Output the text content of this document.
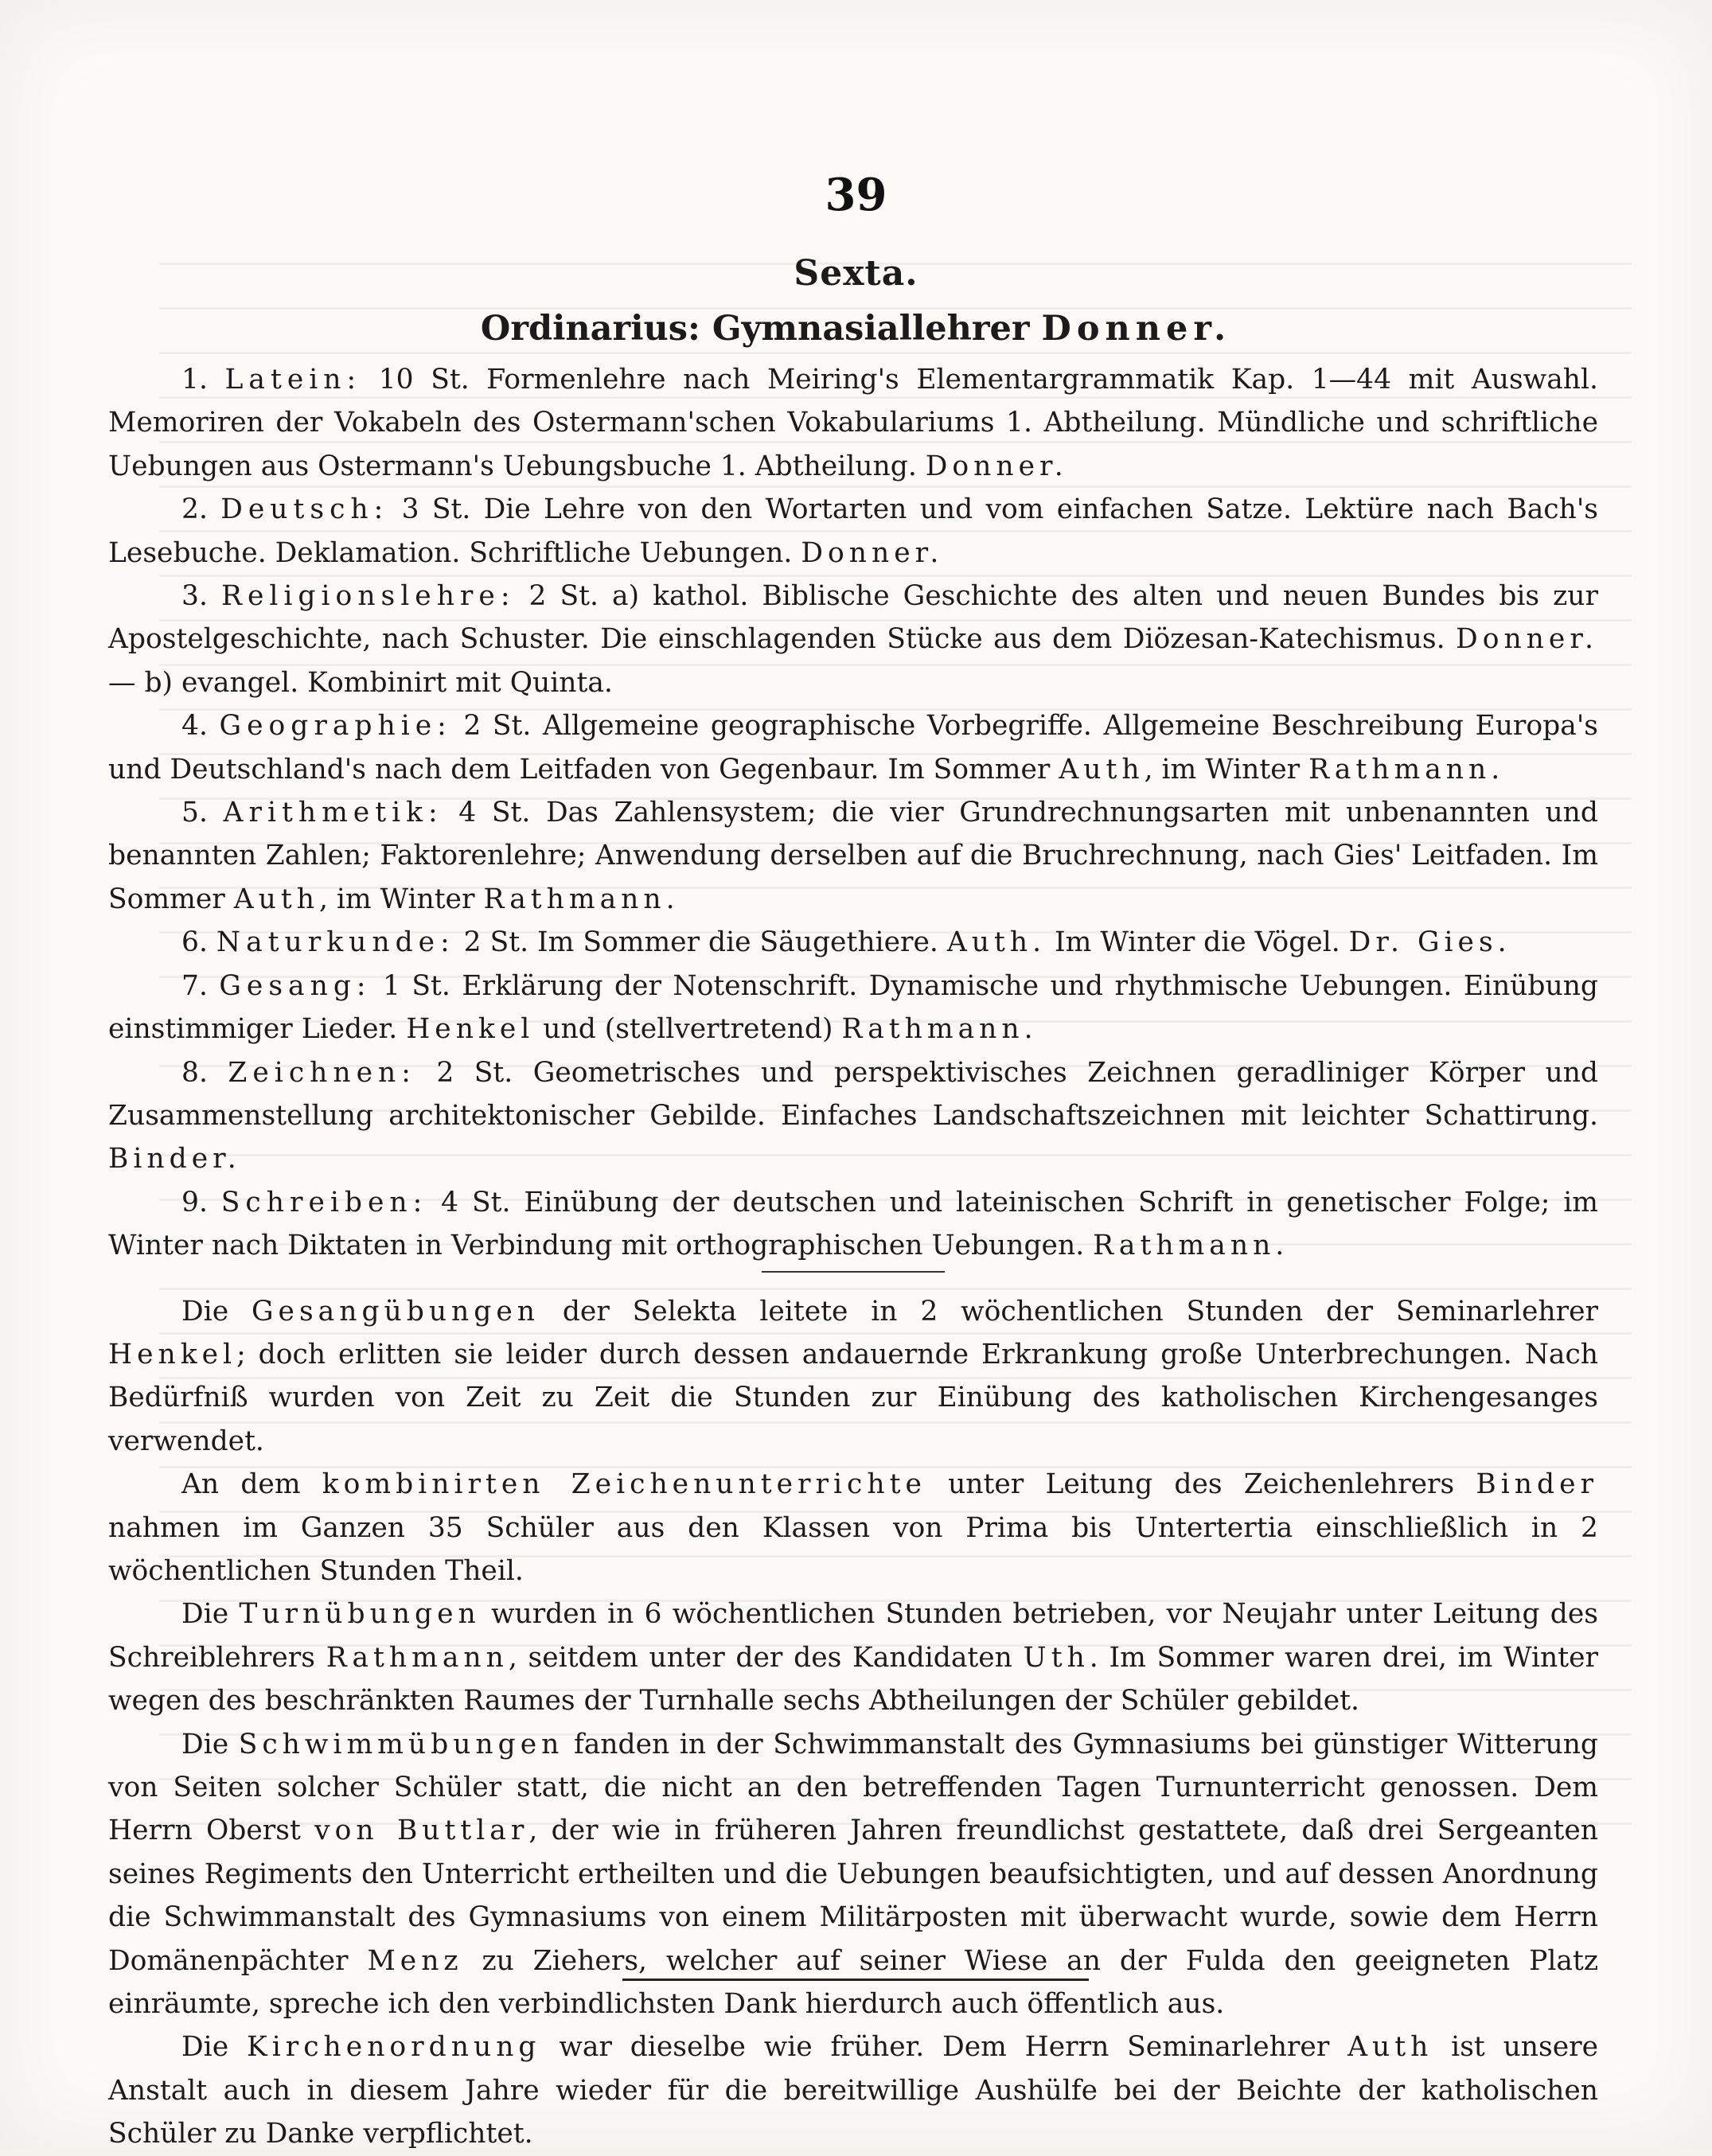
39
Sexta.
Ordinarius: Gymnasiallehrer Donner.

1. Latein: 10 St. Formenlehre nach Meiring's Elementargrammatik Kap. 1—44 mit Auswahl. Memoriren der Vokabeln des Ostermann'schen Vokabulariums 1. Abtheilung. Mündliche und schriftliche Uebungen aus Ostermann's Uebungsbuche 1. Abtheilung. Donner.

2. Deutsch: 3 St. Die Lehre von den Wortarten und vom einfachen Satze. Lektüre nach Bach's Lesebuche. Deklamation. Schriftliche Uebungen. Donner.

3. Religionslehre: 2 St. a) kathol. Biblische Geschichte des alten und neuen Bundes bis zur Apostelgeschichte, nach Schuster. Die einschlagenden Stücke aus dem Diözesan-Katechismus. Donner. — b) evangel. Kombinirt mit Quinta.

4. Geographie: 2 St. Allgemeine geographische Vorbegriffe. Allgemeine Beschreibung Europa's und Deutschland's nach dem Leitfaden von Gegenbaur. Im Sommer Auth, im Winter Rathmann.

5. Arithmetik: 4 St. Das Zahlensystem; die vier Grundrechnungsarten mit unbenannten und benannten Zahlen; Faktorenlehre; Anwendung derselben auf die Bruchrechnung, nach Gies' Leitfaden. Im Sommer Auth, im Winter Rathmann.

6. Naturkunde: 2 St. Im Sommer die Säugethiere. Auth. Im Winter die Vögel. Dr. Gies.

7. Gesang: 1 St. Erklärung der Notenschrift. Dynamische und rhythmische Uebungen. Einübung einstimmiger Lieder. Henkel und (stellvertretend) Rathmann.

8. Zeichnen: 2 St. Geometrisches und perspektivisches Zeichnen geradliniger Körper und Zusammenstellung architektonischer Gebilde. Einfaches Landschaftszeichnen mit leichter Schattirung. Binder.

9. Schreiben: 4 St. Einübung der deutschen und lateinischen Schrift in genetischer Folge; im Winter nach Diktaten in Verbindung mit orthographischen Uebungen. Rathmann.

Die Gesangübungen der Selekta leitete in 2 wöchentlichen Stunden der Seminarlehrer Henkel; doch erlitten sie leider durch dessen andauernde Erkrankung große Unterbrechungen. Nach Bedürfniß wurden von Zeit zu Zeit die Stunden zur Einübung des katholischen Kirchengesanges verwendet.

An dem kombinirten Zeichenunterrichte unter Leitung des Zeichenlehrers Binder nahmen im Ganzen 35 Schüler aus den Klassen von Prima bis Untertertia einschließlich in 2 wöchentlichen Stunden Theil.

Die Turnübungen wurden in 6 wöchentlichen Stunden betrieben, vor Neujahr unter Leitung des Schreiblehrers Rathmann, seitdem unter der des Kandidaten Uth. Im Sommer waren drei, im Winter wegen des beschränkten Raumes der Turnhalle sechs Abtheilungen der Schüler gebildet.

Die Schwimmübungen fanden in der Schwimmanstalt des Gymnasiums bei günstiger Witterung von Seiten solcher Schüler statt, die nicht an den betreffenden Tagen Turnunterricht genossen. Dem Herrn Oberst von Buttlar, der wie in früheren Jahren freundlichst gestattete, daß drei Sergeanten seines Regiments den Unterricht ertheilten und die Uebungen beaufsichtigten, und auf dessen Anordnung die Schwimmanstalt des Gymnasiums von einem Militärposten mit überwacht wurde, sowie dem Herrn Domänenpächter Menz zu Ziehers, welcher auf seiner Wiese an der Fulda den geeigneten Platz einräumte, spreche ich den verbindlichsten Dank hierdurch auch öffentlich aus.

Die Kirchenordnung war dieselbe wie früher. Dem Herrn Seminarlehrer Auth ist unsere Anstalt auch in diesem Jahre wieder für die bereitwillige Aushülfe bei der Beichte der katholischen Schüler zu Danke verpflichtet.
